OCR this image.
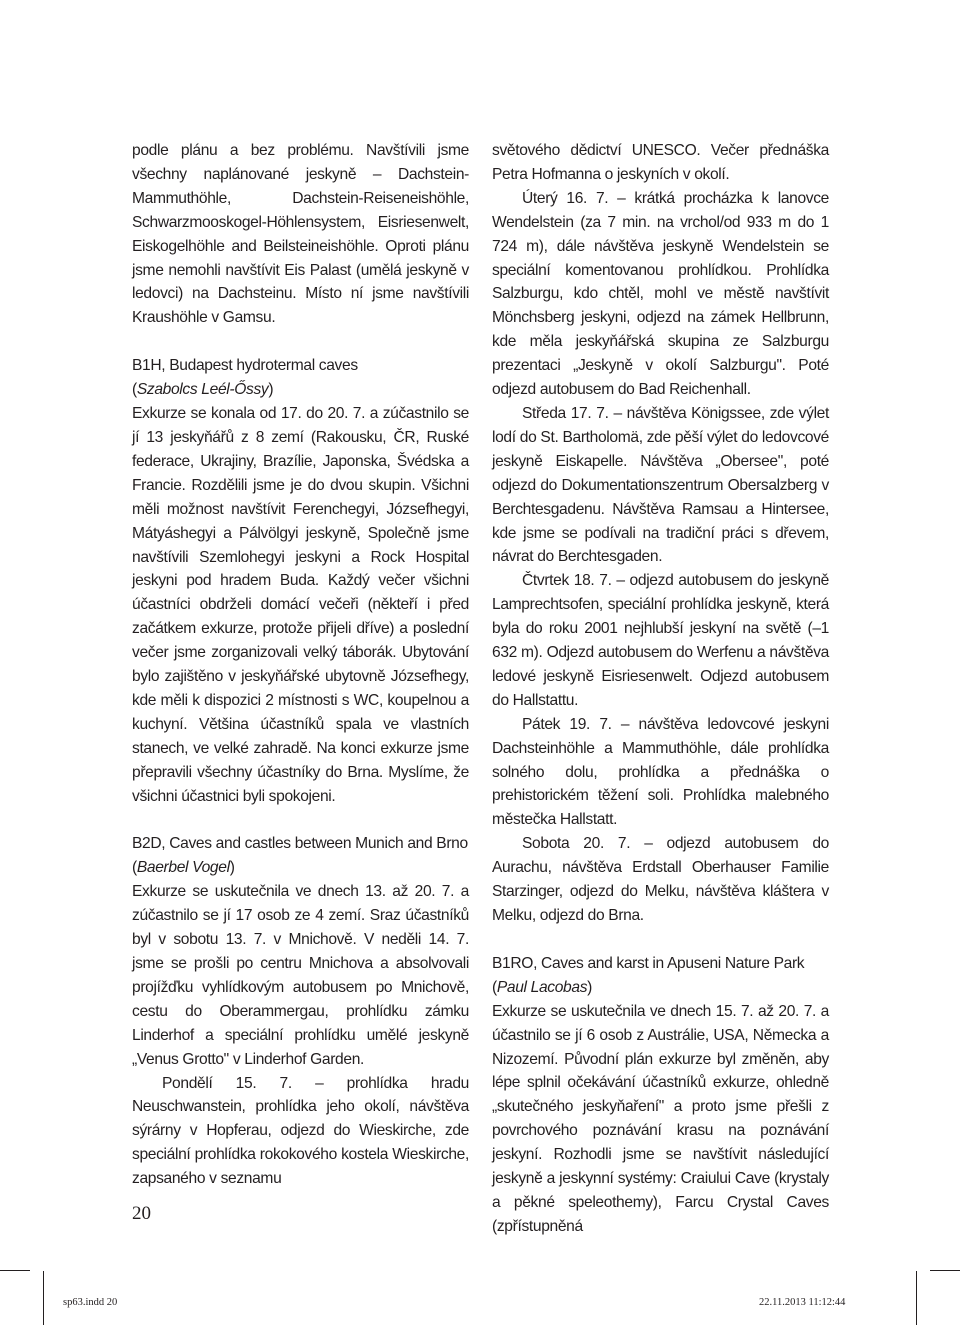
podle plánu a bez problému. Navštívili jsme všechny naplánované jeskyně – Dachstein-Mammuthöhle, Dachstein-Reiseneishöhle, Schwarzmooskogel-Höhlensystem, Eisriesenwelt, Eiskogelhöhle and Beilsteineishöhle. Oproti plánu jsme nemohli navštívit Eis Palast (umělá jeskyně v ledovci) na Dachsteinu. Místo ní jsme navštívili Kraushöhle v Gamsu.

B1H, Budapest hydrotermal caves

(Szabolcs Leél-Őssy)

Exkurze se konala od 17. do 20. 7. a zúčastnilo se jí 13 jeskyňářů z 8 zemí (Rakousku, ČR, Ruské federace, Ukrajiny, Brazílie, Japonska, Švédska a Francie. Rozdělili jsme je do dvou skupin. Všichni měli možnost navštívit Ferenchegyi, Józsefhegyi, Mátyáshegyi a Pálvölgyi jeskyně, Společně jsme navštívili Szemlohegyi jeskyni a Rock Hospital jeskyni pod hradem Buda. Každý večer všichni účastníci obdrželi domácí večeři (někteří i před začátkem exkurze, protože přijeli dříve) a poslední večer jsme zorganizovali velký táborák. Ubytování bylo zajištěno v jeskyňářské ubytovně Józsefhegy, kde měli k dispozici 2 místnosti s WC, koupelnou a kuchyní. Většina účastníků spala ve vlastních stanech, ve velké zahradě. Na konci exkurze jsme přepravili všechny účastníky do Brna. Myslíme, že všichni účastnici byli spokojeni.

B2D, Caves and castles between Munich and Brno

(Baerbel Vogel)

Exkurze se uskutečnila ve dnech 13. až 20. 7. a zúčastnilo se jí 17 osob ze 4 zemí. Sraz účastníků byl v sobotu 13. 7. v Mnichově. V neděli 14. 7. jsme se prošli po centru Mnichova a absolvovali projížďku vyhlídkovým autobusem po Mnichově, cestu do Oberammergau, prohlídku zámku Linderhof a speciální prohlídku umělé jeskyně „Venus Grotto" v Linderhof Garden.

Pondělí 15. 7. – prohlídka hradu Neuschwanstein, prohlídka jeho okolí, návštěva sýrárny v Hopferau, odjezd do Wieskirche, zde speciální prohlídka rokokového kostela Wieskirche, zapsaného v seznamu

světového dědictví UNESCO. Večer přednáška Petra Hofmanna o jeskyních v okolí.

Úterý 16. 7. – krátká procházka k lanovce Wendelstein (za 7 min. na vrchol/od 933 m do 1 724 m), dále návštěva jeskyně Wendelstein se speciální komentovanou prohlídkou. Prohlídka Salzburgu, kdo chtěl, mohl ve městě navštívit Mönchsberg jeskyni, odjezd na zámek Hellbrunn, kde měla jeskyňářská skupina ze Salzburgu prezentaci „Jeskyně v okolí Salzburgu". Poté odjezd autobusem do Bad Reichenhall.

Středa 17. 7. – návštěva Königssee, zde výlet lodí do St. Bartholomä, zde pěší výlet do ledovcové jeskyně Eiskapelle. Návštěva „Obersee", poté odjezd do Dokumentationszentrum Obersalzberg v Berchtesgadenu. Návštěva Ramsau a Hintersee, kde jsme se podívali na tradiční práci s dřevem, návrat do Berchtesgaden.

Čtvrtek 18. 7. – odjezd autobusem do jeskyně Lamprechtsofen, speciální prohlídka jeskyně, která byla do roku 2001 nejhlubší jeskyní na světě (–1 632 m). Odjezd autobusem do Werfenu a návštěva ledové jeskyně Eisriesenwelt. Odjezd autobusem do Hallstattu.

Pátek 19. 7. – návštěva ledovcové jeskyni Dachsteinhöhle a Mammuthöhle, dále prohlídka solného dolu, prohlídka a přednáška o prehistorickém těžení soli. Prohlídka malebného městečka Hallstatt.

Sobota 20. 7. – odjezd autobusem do Aurachu, návštěva Erdstall Oberhauser Familie Starzinger, odjezd do Melku, návštěva kláštera v Melku, odjezd do Brna.

B1RO, Caves and karst in Apuseni Nature Park

(Paul Lacobas)

Exkurze se uskutečnila ve dnech 15. 7. až 20. 7. a účastnilo se jí 6 osob z Austrálie, USA, Německa a Nizozemí. Původní plán exkurze byl změněn, aby lépe splnil očekávání účastníků exkurze, ohledně „skutečného jeskyňaření" a proto jsme přešli z povrchového poznávání krasu na poznávání jeskyní. Rozhodli jsme se navštívit následující jeskyně a jeskynní systémy: Craiului Cave (krystaly a pěkné speleothemy), Farcu Crystal Caves (zpřístupněná

20
sp63.indd 20	22.11.2013 11:12:44
